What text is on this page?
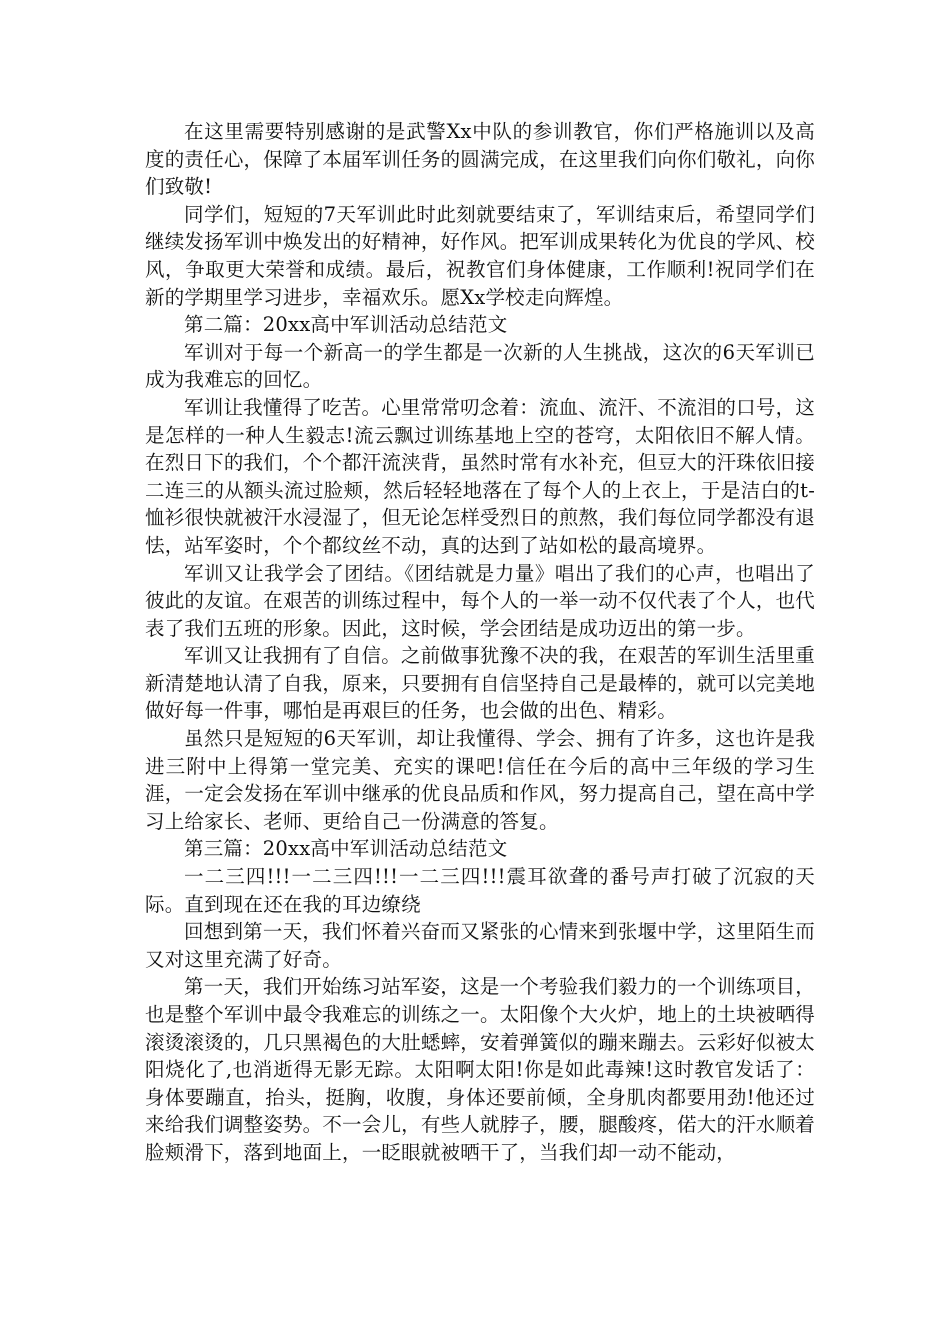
在这里需要特别感谢的是武警Xx中队的参训教官，你们严格施训以及高度的责任心，保障了本届军训任务的圆满完成，在这里我们向你们敬礼，向你们致敬!

同学们，短短的7天军训此时此刻就要结束了，军训结束后，希望同学们继续发扬军训中焕发出的好精神，好作风。把军训成果转化为优良的学风、校风，争取更大荣誉和成绩。最后，祝教官们身体健康，工作顺利!祝同学们在新的学期里学习进步，幸福欢乐。愿Xx学校走向辉煌。

第二篇：20xx高中军训活动总结范文

军训对于每一个新高一的学生都是一次新的人生挑战，这次的6天军训已成为我难忘的回忆。

军训让我懂得了吃苦。心里常常叨念着：流血、流汗、不流泪的口号，这是怎样的一种人生毅志!流云飘过训练基地上空的苍穹，太阳依旧不解人情。在烈日下的我们，个个都汗流浃背，虽然时常有水补充，但豆大的汗珠依旧接二连三的从额头流过脸颊，然后轻轻地落在了每个人的上衣上，于是洁白的t-恤衫很快就被汗水浸湿了，但无论怎样受烈日的煎熬，我们每位同学都没有退怯，站军姿时，个个都纹丝不动，真的达到了站如松的最高境界。

军训又让我学会了团结。《团结就是力量》唱出了我们的心声，也唱出了彼此的友谊。在艰苦的训练过程中，每个人的一举一动不仅代表了个人，也代表了我们五班的形象。因此，这时候，学会团结是成功迈出的第一步。

军训又让我拥有了自信。之前做事犹豫不决的我，在艰苦的军训生活里重新清楚地认清了自我，原来，只要拥有自信坚持自己是最棒的，就可以完美地做好每一件事，哪怕是再艰巨的任务，也会做的出色、精彩。

虽然只是短短的6天军训，却让我懂得、学会、拥有了许多，这也许是我进三附中上得第一堂完美、充实的课吧!信任在今后的高中三年级的学习生涯，一定会发扬在军训中继承的优良品质和作风，努力提高自己，望在高中学习上给家长、老师、更给自己一份满意的答复。

第三篇：20xx高中军训活动总结范文

一二三四!!!一二三四!!!一二三四!!!震耳欲聋的番号声打破了沉寂的天际。直到现在还在我的耳边缭绕

回想到第一天，我们怀着兴奋而又紧张的心情来到张堰中学，这里陌生而又对这里充满了好奇。

第一天，我们开始练习站军姿，这是一个考验我们毅力的一个训练项目，也是整个军训中最令我难忘的训练之一。太阳像个大火炉，地上的土块被晒得滚烫滚烫的，几只黑褐色的大肚蟋蟀，安着弹簧似的蹦来蹦去。云彩好似被太阳烧化了,也消逝得无影无踪。太阳啊太阳!你是如此毒辣!这时教官发话了：身体要蹦直，抬头，挺胸，收腹，身体还要前倾，全身肌肉都要用劲!他还过来给我们调整姿势。不一会儿，有些人就脖子，腰，腿酸疼，偌大的汗水顺着脸颊滑下，落到地面上，一眨眼就被晒干了，当我们却一动不能动，
